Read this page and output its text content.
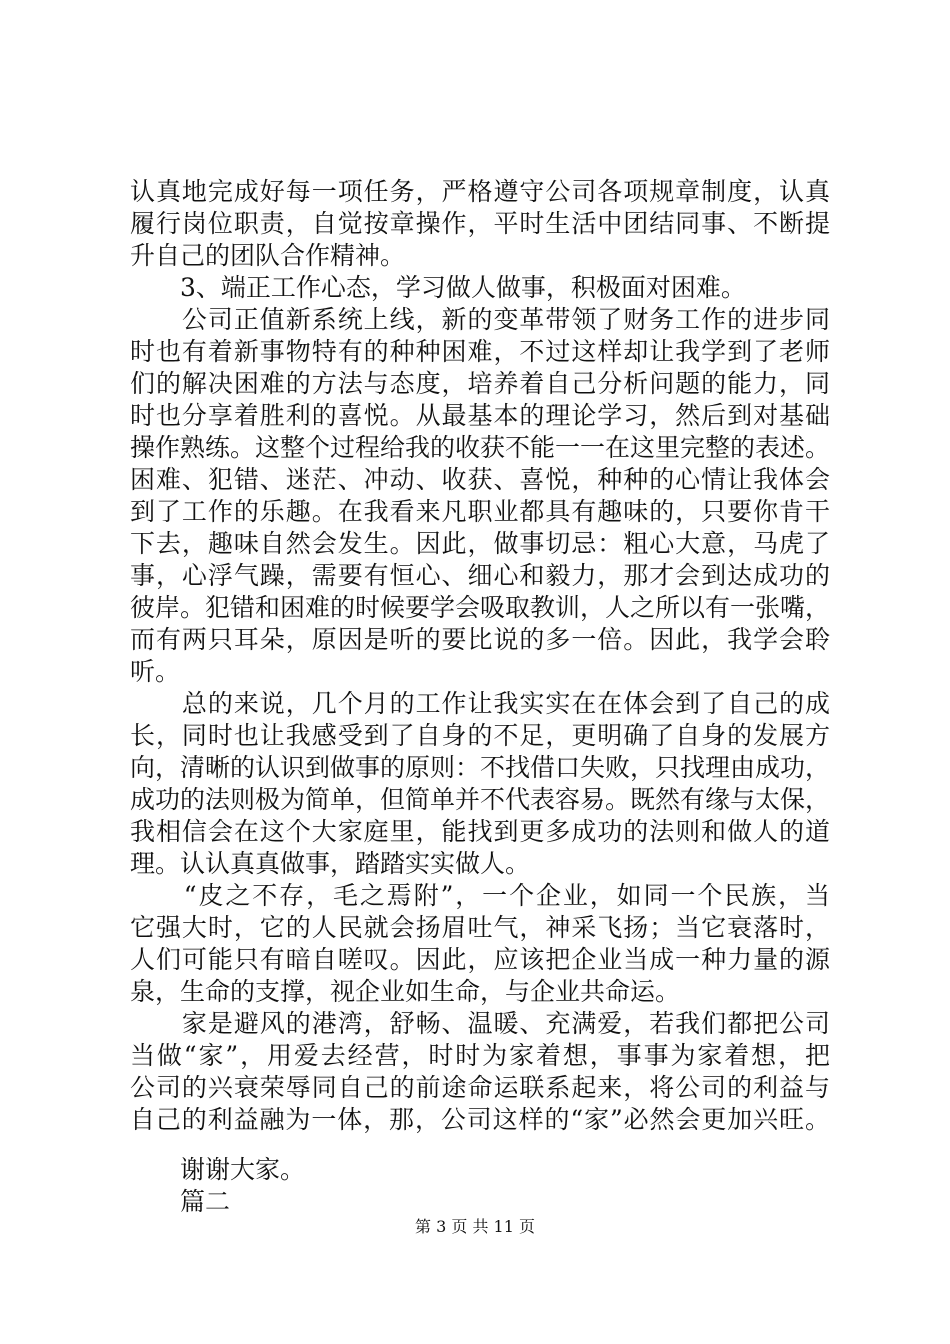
认真地完成好每一项任务，严格遵守公司各项规章制度，认真
履行岗位职责，自觉按章操作，平时生活中团结同事、不断提
升自己的团队合作精神。
　　3、端正工作心态，学习做人做事，积极面对困难。
　　公司正值新系统上线，新的变革带领了财务工作的进步同
时也有着新事物特有的种种困难，不过这样却让我学到了老师
们的解决困难的方法与态度，培养着自己分析问题的能力，同
时也分享着胜利的喜悦。从最基本的理论学习，然后到对基础
操作熟练。这整个过程给我的收获不能一一在这里完整的表述。
困难、犯错、迷茫、冲动、收获、喜悦，种种的心情让我体会
到了工作的乐趣。在我看来凡职业都具有趣味的，只要你肯干
下去，趣味自然会发生。因此，做事切忌：粗心大意，马虎了
事，心浮气躁，需要有恒心、细心和毅力，那才会到达成功的
彼岸。犯错和困难的时候要学会吸取教训，人之所以有一张嘴，
而有两只耳朵，原因是听的要比说的多一倍。因此，我学会聆
听。
　　总的来说，几个月的工作让我实实在在体会到了自己的成
长，同时也让我感受到了自身的不足，更明确了自身的发展方
向，清晰的认识到做事的原则：不找借口失败，只找理由成功，
成功的法则极为简单，但简单并不代表容易。既然有缘与太保，
我相信会在这个大家庭里，能找到更多成功的法则和做人的道
理。认认真真做事，踏踏实实做人。
　　“皮之不存，毛之焉附”，一个企业，如同一个民族，当
它强大时，它的人民就会扬眉吐气，神采飞扬；当它衰落时，
人们可能只有暗自嗟叹。因此，应该把企业当成一种力量的源
泉，生命的支撑，视企业如生命，与企业共命运。
　　家是避风的港湾，舒畅、温暖、充满爱，若我们都把公司
当做“家”，用爱去经营，时时为家着想，事事为家着想，把
公司的兴衰荣辱同自己的前途命运联系起来，将公司的利益与
自己的利益融为一体，那，公司这样的“家”必然会更加兴旺。
　　谢谢大家。
　　篇二
第 3 页 共 11 页
